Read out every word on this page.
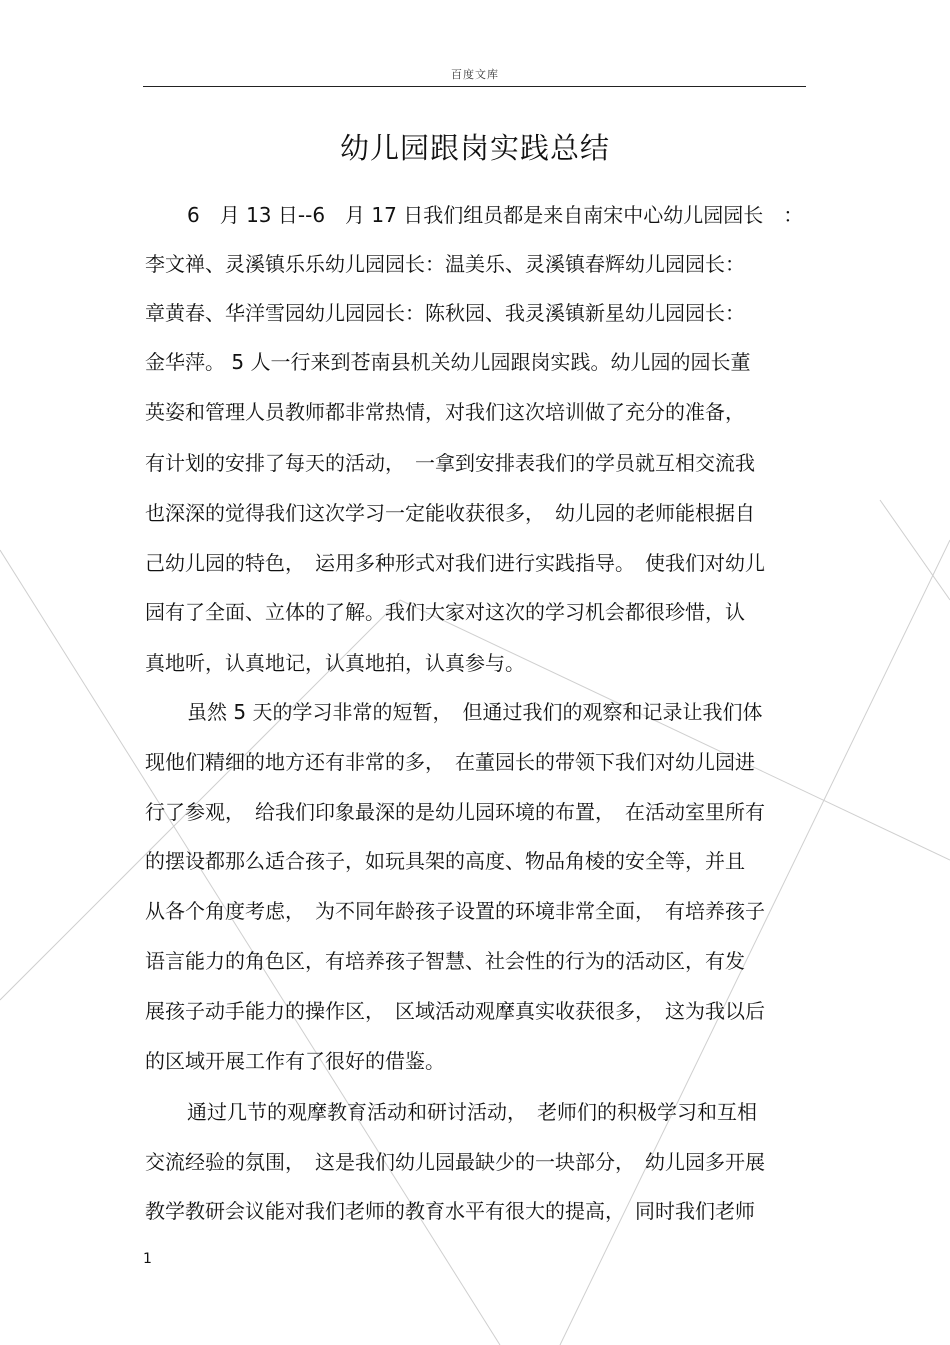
百度文库
幼儿园跟岗实践总结
6　月 13 日--6　月 17 日我们组员都是来自南宋中心幼儿园园长　：
李文禅、灵溪镇乐乐幼儿园园长：温美乐、灵溪镇春辉幼儿园园长：
章黄春、华洋雪园幼儿园园长：陈秋园、我灵溪镇新星幼儿园园长：
金华萍。 5 人一行来到苍南县机关幼儿园跟岗实践。幼儿园的园长董
英姿和管理人员教师都非常热情，对我们这次培训做了充分的准备，
有计划的安排了每天的活动，　一拿到安排表我们的学员就互相交流我
也深深的觉得我们这次学习一定能收获很多，　幼儿园的老师能根据自
己幼儿园的特色，　运用多种形式对我们进行实践指导。　使我们对幼儿
园有了全面、立体的了解。我们大家对这次的学习机会都很珍惜，认
真地听，认真地记，认真地拍，认真参与。
虽然 5 天的学习非常的短暂，　但通过我们的观察和记录让我们体
现他们精细的地方还有非常的多，　在董园长的带领下我们对幼儿园进
行了参观，　给我们印象最深的是幼儿园环境的布置，　在活动室里所有
的摆设都那么适合孩子，如玩具架的高度、物品角棱的安全等，并且
从各个角度考虑，　为不同年龄孩子设置的环境非常全面，　有培养孩子
语言能力的角色区，有培养孩子智慧、社会性的行为的活动区，有发
展孩子动手能力的操作区，　区域活动观摩真实收获很多，　这为我以后
的区域开展工作有了很好的借鉴。
通过几节的观摩教育活动和研讨活动，　老师们的积极学习和互相
交流经验的氛围，　这是我们幼儿园最缺少的一块部分，　幼儿园多开展
教学教研会议能对我们老师的教育水平有很大的提高，　同时我们老师
1
